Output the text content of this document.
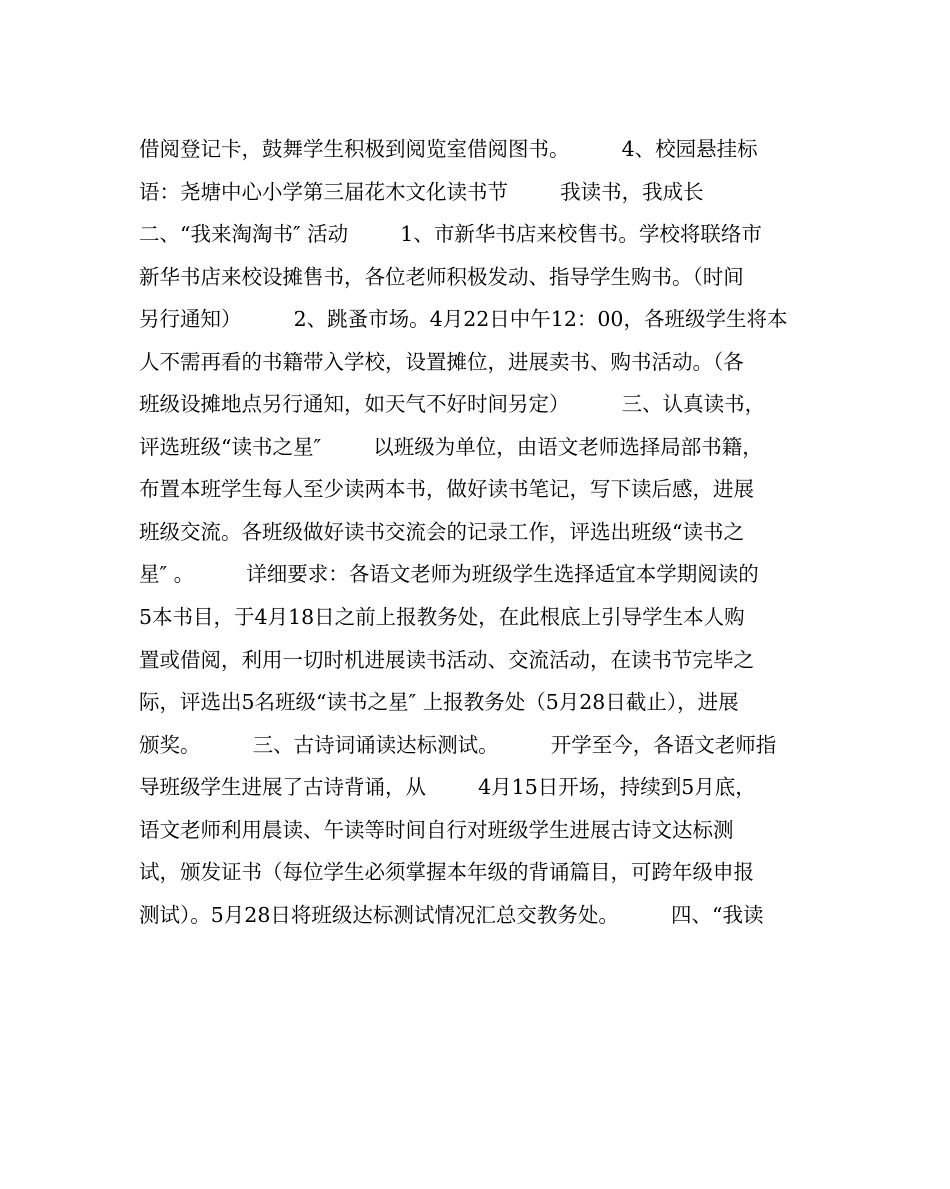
借阅登记卡，鼓舞学生积极到阅览室借阅图书。        4、校园悬挂标
语：尧塘中心小学第三届花木文化读书节        我读书，我成长
二、“我来淘淘书″ 活动        1、市新华书店来校售书。学校将联络市
新华书店来校设摊售书，各位老师积极发动、指导学生购书。（时间
另行通知）        2、跳蚤市场。4月22日中午12：00，各班级学生将本
人不需再看的书籍带入学校，设置摊位，进展卖书、购书活动。（各
班级设摊地点另行通知，如天气不好时间另定）        三、认真读书，
评选班级“读书之星″        以班级为单位，由语文老师选择局部书籍，
布置本班学生每人至少读两本书，做好读书笔记，写下读后感，进展
班级交流。各班级做好读书交流会的记录工作，评选出班级“读书之
星″ 。        详细要求：各语文老师为班级学生选择适宜本学期阅读的
5本书目，于4月18日之前上报教务处，在此根底上引导学生本人购
置或借阅，利用一切时机进展读书活动、交流活动，在读书节完毕之
际，评选出5名班级“读书之星″ 上报教务处（5月28日截止），进展
颁奖。        三、古诗词诵读达标测试。        开学至今，各语文老师指
导班级学生进展了古诗背诵，从        4月15日开场，持续到5月底，
语文老师利用晨读、午读等时间自行对班级学生进展古诗文达标测
试，颁发证书（每位学生必须掌握本年级的背诵篇目，可跨年级申报
测试）。5月28日将班级达标测试情况汇总交教务处。        四、“我读
